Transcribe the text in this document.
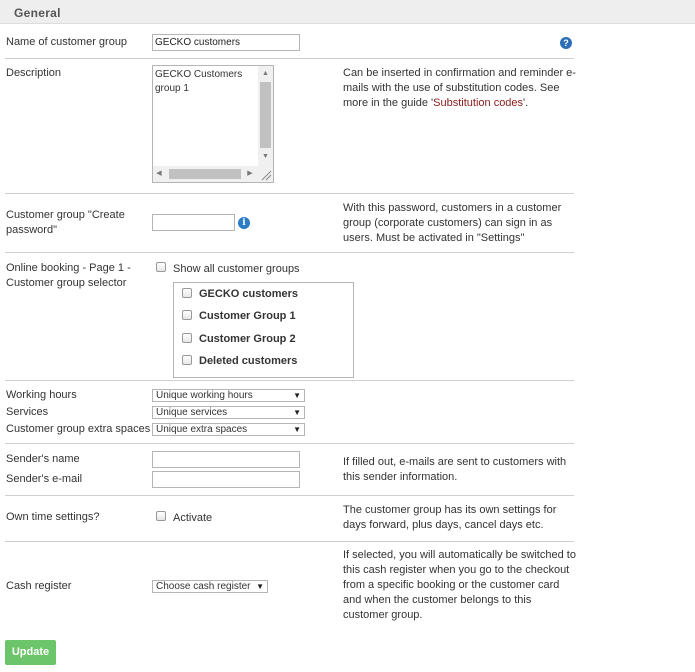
General
Name of customer group
GECKO customers	?
Description	GECKO Customers
group 1
▲
▼
◀	▶
Can be inserted in confirmation and reminder e-
mails with the use of substitution codes. See
more in the guide 'Substitution codes'.
Customer group "Create
password"
i
With this password, customers in a customer
group (corporate customers) can sign in as
users. Must be activated in "Settings"
Online booking - Page 1 -
Customer group selector
Show all customer groups
GECKO customers
Customer Group 1
Customer Group 2
Deleted customers
Working hours	Unique working hours	▼
Services	Unique services	▼
Customer group extra spaces Unique extra spaces	▼
Sender's name
Sender's e-mail
If filled out, e-mails are sent to customers with
this sender information.
Own time settings?	Activate
The customer group has its own settings for
days forward, plus days, cancel days etc.
Cash register	Choose cash register ▼
If selected, you will automatically be switched to
this cash register when you go to the checkout
from a specific booking or the customer card
and when the customer belongs to this
customer group.
Update
